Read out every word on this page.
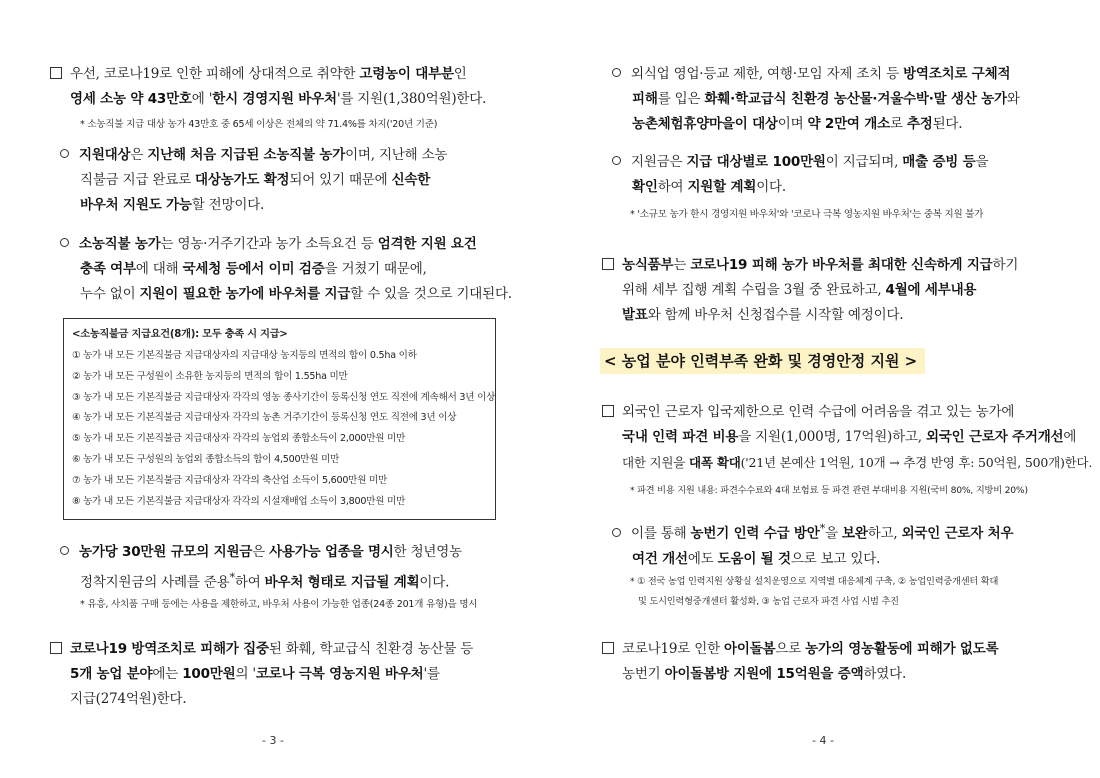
우선, 코로나19로 인한 피해에 상대적으로 취약한 고령농이 대부분인
영세 소농 약 43만호에 '한시 경영지원 바우처'를 지원(1,380억원)한다.
* 소농직불 지급 대상 농가 43만호 중 65세 이상은 전체의 약 71.4%를 차지('20년 기준)
지원대상은 지난해 처음 지급된 소농직불 농가이며, 지난해 소농
직불금 지급 완료로 대상농가도 확정되어 있기 때문에 신속한
바우처 지원도 가능할 전망이다.
소농직불 농가는 영농·거주기간과 농가 소득요건 등 엄격한 지원 요건
충족 여부에 대해 국세청 등에서 이미 검증을 거쳤기 때문에,
누수 없이 지원이 필요한 농가에 바우처를 지급할 수 있을 것으로 기대된다.
<소농직불금 지급요건(8개): 모두 충족 시 지급>
① 농가 내 모든 기본직불금 지급대상자의 지급대상 농지등의 면적의 합이 0.5ha 이하
② 농가 내 모든 구성원이 소유한 농지등의 면적의 합이 1.55ha 미만
③ 농가 내 모든 기본직불금 지급대상자 각각의 영농 종사기간이 등록신청 연도 직전에 계속해서 3년 이상
④ 농가 내 모든 기본직불금 지급대상자 각각의 농촌 거주기간이 등록신청 연도 직전에 3년 이상
⑤ 농가 내 모든 기본직불금 지급대상자 각각의 농업외 종합소득이 2,000만원 미만
⑥ 농가 내 모든 구성원의 농업외 종합소득의 합이 4,500만원 미만
⑦ 농가 내 모든 기본직불금 지급대상자 각각의 축산업 소득이 5,600만원 미만
⑧ 농가 내 모든 기본직불금 지급대상자 각각의 시설재배업 소득이 3,800만원 미만
농가당 30만원 규모의 지원금은 사용가능 업종을 명시한 청년영농
정착지원금의 사례를 준용*하여 바우처 형태로 지급될 계획이다.
* 유흥, 사치품 구매 등에는 사용을 제한하고, 바우처 사용이 가능한 업종(24종 201개 유형)을 명시
코로나19 방역조치로 피해가 집중된 화훼, 학교급식 친환경 농산물 등
5개 농업 분야에는 100만원의 '코로나 극복 영농지원 바우처'를
지급(274억원)한다.
- 3 -
외식업 영업·등교 제한, 여행·모임 자제 조치 등 방역조치로 구체적
피해를 입은 화훼·학교급식 친환경 농산물·겨울수박·말 생산 농가와
농촌체험휴양마을이 대상이며 약 2만여 개소로 추정된다.
지원금은 지급 대상별로 100만원이 지급되며, 매출 증빙 등을
확인하여 지원할 계획이다.
* '소규모 농가 한시 경영지원 바우처'와 '코로나 극복 영농지원 바우처'는 중복 지원 불가
농식품부는 코로나19 피해 농가 바우처를 최대한 신속하게 지급하기
위해 세부 집행 계획 수립을 3월 중 완료하고, 4월에 세부내용
발표와 함께 바우처 신청접수를 시작할 예정이다.
< 농업 분야 인력부족 완화 및 경영안정 지원 >
외국인 근로자 입국제한으로 인력 수급에 어려움을 겪고 있는 농가에
국내 인력 파견 비용을 지원(1,000명, 17억원)하고, 외국인 근로자 주거개선에
대한 지원을 대폭 확대('21년 본예산 1억원, 10개 → 추경 반영 후: 50억원, 500개)한다.
* 파견 비용 지원 내용: 파견수수료와 4대 보험료 등 파견 관련 부대비용 지원(국비 80%, 지방비 20%)
이를 통해 농번기 인력 수급 방안*을 보완하고, 외국인 근로자 처우
여건 개선에도 도움이 될 것으로 보고 있다.
* ① 전국 농업 인력지원 상황실 설치운영으로 지역별 대응체계 구축, ② 농업인력중개센터 확대
및 도시인력형중개센터 활성화, ③ 농업 근로자 파견 사업 시범 추진
코로나19로 인한 아이돌봄으로 농가의 영농활동에 피해가 없도록
농번기 아이돌봄방 지원에 15억원을 증액하였다.
- 4 -
